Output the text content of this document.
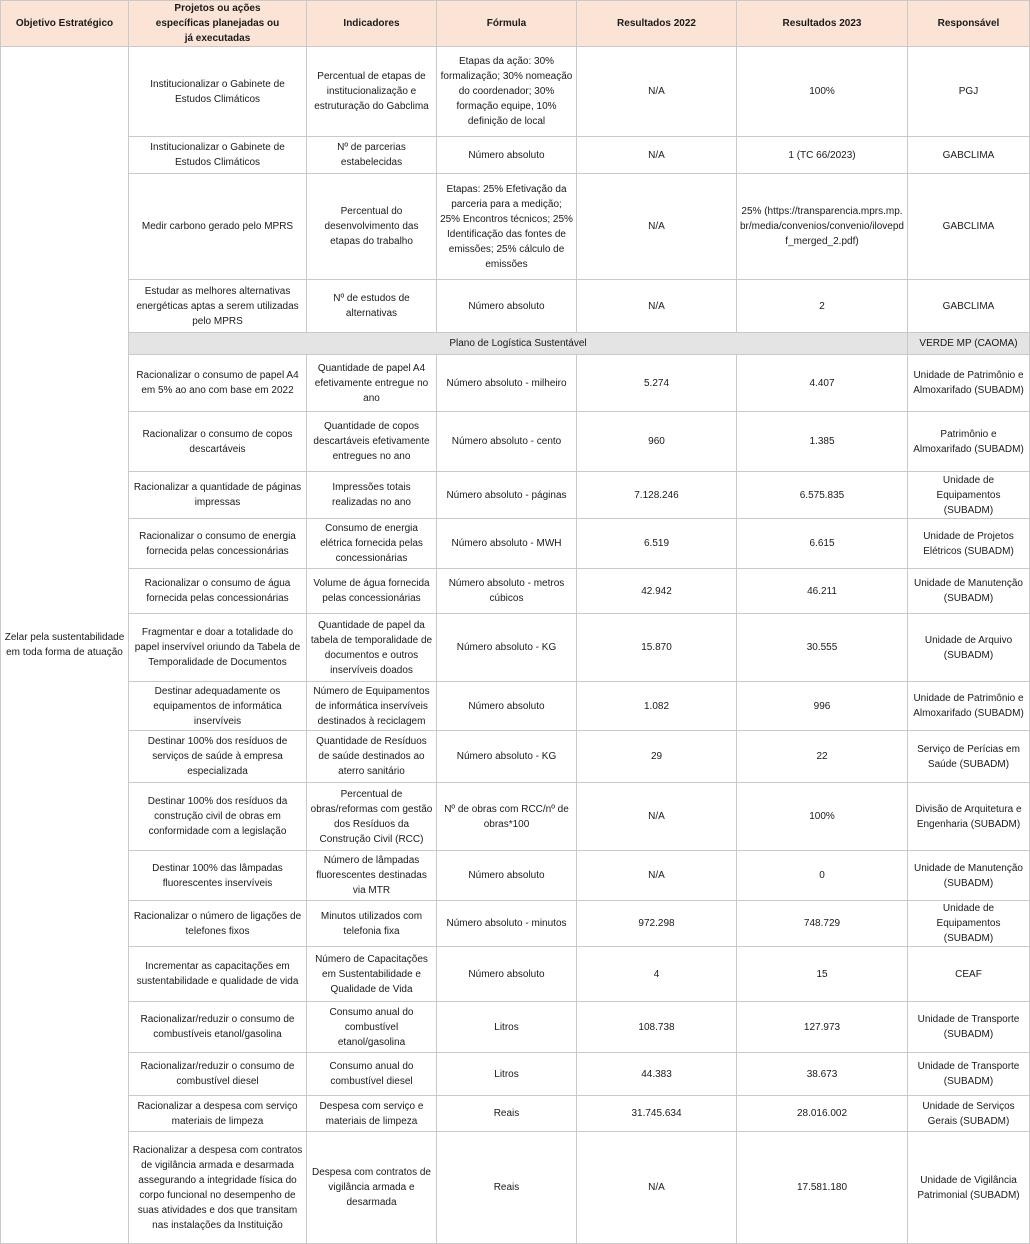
Objetivo Estratégico	Projetos ou ações específicas planejadas ou já executadas	Indicadores	Fórmula	Resultados 2022	Resultados 2023	Responsável
Zelar pela sustentabilidade em toda forma de atuação	Institucionalizar o Gabinete de Estudos Climáticos	Percentual de etapas de institucionalização e estruturação do Gabclima	Etapas da ação: 30% formalização; 30% nomeação do coordenador; 30% formação equipe, 10% definição de local	N/A	100%	PGJ
	Institucionalizar o Gabinete de Estudos Climáticos	Nº de parcerias estabelecidas	Número absoluto	N/A	1 (TC 66/2023)	GABCLIMA
	Medir carbono gerado pelo MPRS	Percentual do desenvolvimento das etapas do trabalho	Etapas: 25% Efetivação da parceria para a medição; 25% Encontros técnicos; 25% Identificação das fontes de emissões; 25% cálculo de emissões	N/A	25% (https://transparencia.mprs.mp.br/media/convenios/convenio/ilovepdf_merged_2.pdf)	GABCLIMA
	Estudar as melhores alternativas energéticas aptas a serem utilizadas pelo MPRS	Nº de estudos de alternativas	Número absoluto	N/A	2	GABCLIMA
	Plano de Logística Sustentável					VERDE MP (CAOMA)
	Racionalizar o consumo de papel A4 em 5% ao ano com base em 2022	Quantidade de papel A4 efetivamente entregue no ano	Número absoluto - milheiro	5.274	4.407	Unidade de Patrimônio e Almoxarifado (SUBADM)
	Racionalizar o consumo de copos descartáveis	Quantidade de copos descartáveis efetivamente entregues no ano	Número absoluto - cento	960	1.385	Patrimônio e Almoxarifado (SUBADM)
	Racionalizar a quantidade de páginas impressas	Impressões totais realizadas no ano	Número absoluto - páginas	7.128.246	6.575.835	Unidade de Equipamentos (SUBADM)
	Racionalizar o consumo de energia fornecida pelas concessionárias	Consumo de energia elétrica fornecida pelas concessionárias	Número absoluto - MWH	6.519	6.615	Unidade de Projetos Elétricos (SUBADM)
	Racionalizar o consumo de água fornecida pelas concessionárias	Volume de água fornecida pelas concessionárias	Número absoluto - metros cúbicos	42.942	46.211	Unidade de Manutenção (SUBADM)
	Fragmentar e doar a totalidade do papel inservível oriundo da Tabela de Temporalidade de Documentos	Quantidade de papel da tabela de temporalidade de documentos e outros inservíveis doados	Número absoluto - KG	15.870	30.555	Unidade de Arquivo (SUBADM)
	Destinar adequadamente os equipamentos de informática inservíveis	Número de Equipamentos de informática inservíveis destinados à reciclagem	Número absoluto	1.082	996	Unidade de Patrimônio e Almoxarifado (SUBADM)
	Destinar 100% dos resíduos de serviços de saúde à empresa especializada	Quantidade de Resíduos de saúde destinados ao aterro sanitário	Número absoluto - KG	29	22	Serviço de Perícias em Saúde (SUBADM)
	Destinar 100% dos resíduos da construção civil de obras em conformidade com a legislação	Percentual de obras/reformas com gestão dos Resíduos da Construção Civil (RCC)	Nº de obras com RCC/nº de obras*100	N/A	100%	Divisão de Arquitetura e Engenharia (SUBADM)
	Destinar 100% das lâmpadas fluorescentes inservíveis	Número de lâmpadas fluorescentes destinadas via MTR	Número absoluto	N/A	0	Unidade de Manutenção (SUBADM)
	Racionalizar o número de ligações de telefones fixos	Minutos utilizados com telefonia fixa	Número absoluto - minutos	972.298	748.729	Unidade de Equipamentos (SUBADM)
	Incrementar as capacitações em sustentabilidade e qualidade de vida	Número de Capacitações em Sustentabilidade e Qualidade de Vida	Número absoluto	4	15	CEAF
	Racionalizar/reduzir o consumo de combustíveis etanol/gasolina	Consumo anual do combustível etanol/gasolina	Litros	108.738	127.973	Unidade de Transporte (SUBADM)
	Racionalizar/reduzir o consumo de combustível diesel	Consumo anual do combustível diesel	Litros	44.383	38.673	Unidade de Transporte (SUBADM)
	Racionalizar a despesa com serviço materiais de limpeza	Despesa com serviço e materiais de limpeza	Reais	31.745.634	28.016.002	Unidade de Serviços Gerais (SUBADM)
	Racionalizar a despesa com contratos de vigilância armada e desarmada assegurando a integridade física do corpo funcional no desempenho de suas atividades e dos que transitam nas instalações da Instituição	Despesa com contratos de vigilância armada e desarmada	Reais	N/A	17.581.180	Unidade de Vigilância Patrimonial (SUBADM)
